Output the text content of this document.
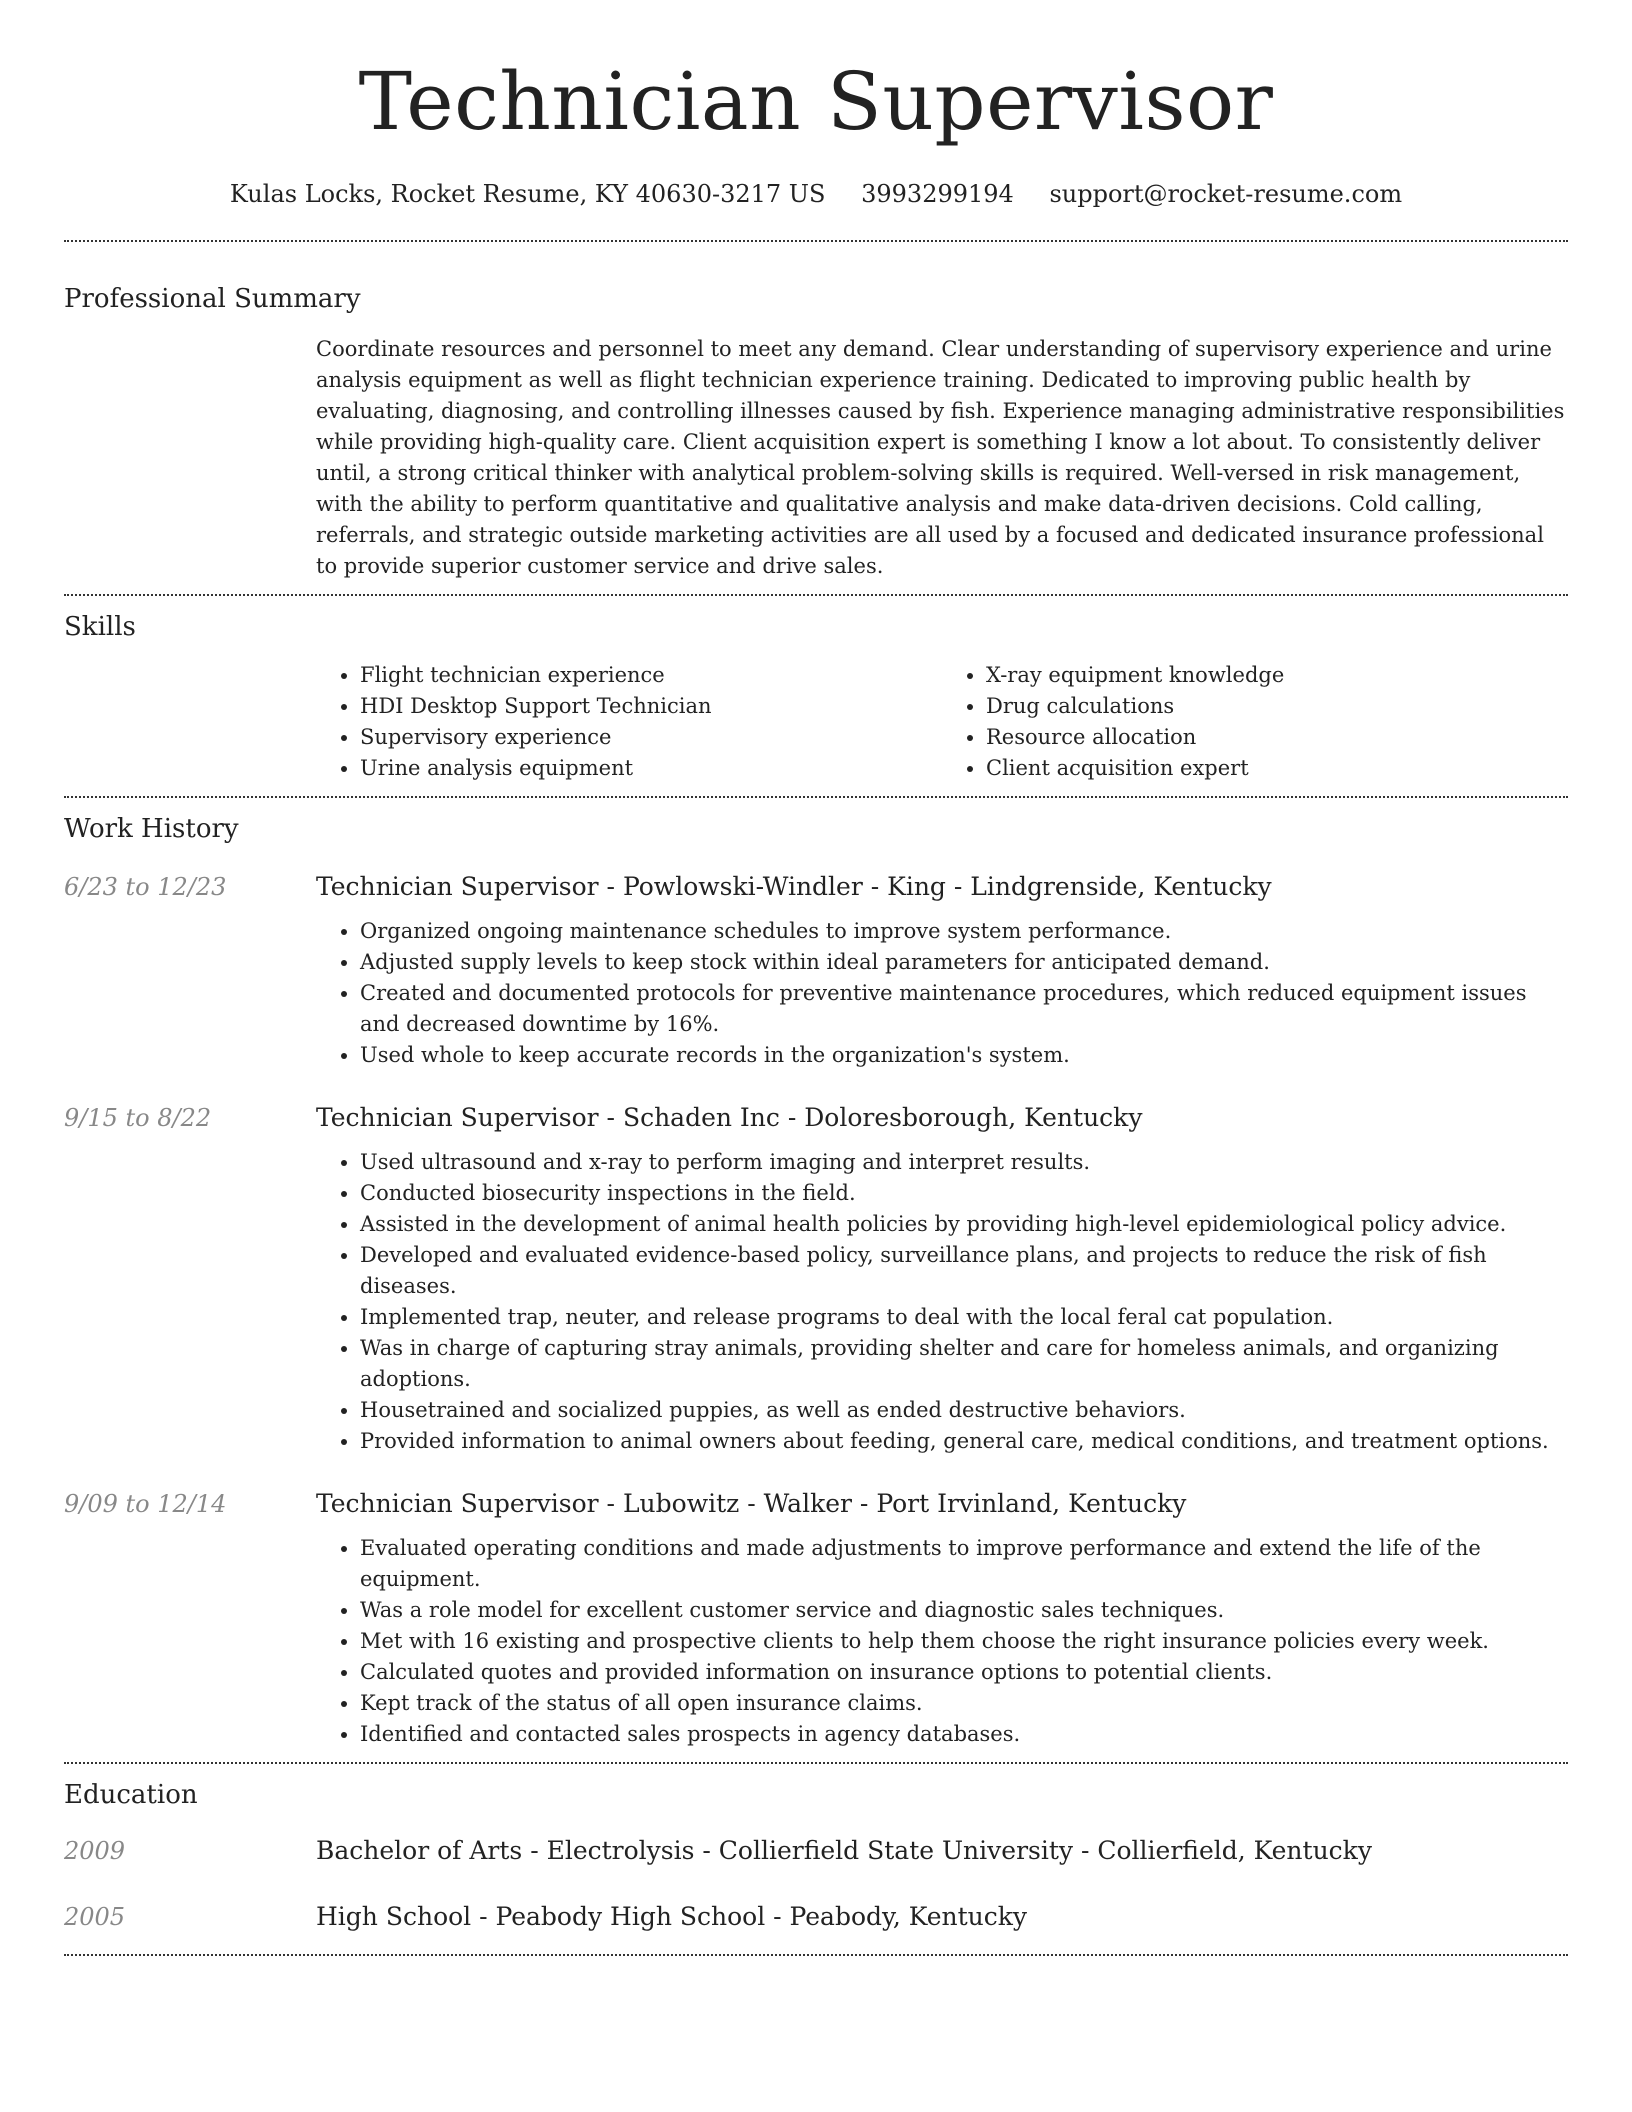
Technician Supervisor
Kulas Locks, Rocket Resume, KY 40630-3217 US 3993299194 support@rocket-resume.com
Professional Summary

Coordinate resources and personnel to meet any demand. Clear understanding of supervisory experience and urine analysis equipment as well as flight technician experience training. Dedicated to improving public health by evaluating, diagnosing, and controlling illnesses caused by fish. Experience managing administrative responsibilities while providing high-quality care. Client acquisition expert is something I know a lot about. To consistently deliver until, a strong critical thinker with analytical problem-solving skills is required. Well-versed in risk management, with the ability to perform quantitative and qualitative analysis and make data-driven decisions. Cold calling, referrals, and strategic outside marketing activities are all used by a focused and dedicated insurance professional to provide superior customer service and drive sales.

Skills
• Flight technician experience
• HDI Desktop Support Technician
• Supervisory experience
• Urine analysis equipment
• X-ray equipment knowledge
• Drug calculations
• Resource allocation
• Client acquisition expert
Work History
6/23 to 12/23	Technician Supervisor - Powlowski-Windler - King - Lindgrenside, Kentucky
• Organized ongoing maintenance schedules to improve system performance.
• Adjusted supply levels to keep stock within ideal parameters for anticipated demand.
• Created and documented protocols for preventive maintenance procedures, which reduced equipment issues and decreased downtime by 16%.
• Used whole to keep accurate records in the organization's system.
9/15 to 8/22	Technician Supervisor - Schaden Inc - Doloresborough, Kentucky
• Used ultrasound and x-ray to perform imaging and interpret results.
• Conducted biosecurity inspections in the field.
• Assisted in the development of animal health policies by providing high-level epidemiological policy advice.
• Developed and evaluated evidence-based policy, surveillance plans, and projects to reduce the risk of fish diseases.
• Implemented trap, neuter, and release programs to deal with the local feral cat population.
• Was in charge of capturing stray animals, providing shelter and care for homeless animals, and organizing adoptions.
• Housetrained and socialized puppies, as well as ended destructive behaviors.
• Provided information to animal owners about feeding, general care, medical conditions, and treatment options.
9/09 to 12/14	Technician Supervisor - Lubowitz - Walker - Port Irvinland, Kentucky
• Evaluated operating conditions and made adjustments to improve performance and extend the life of the equipment.
• Was a role model for excellent customer service and diagnostic sales techniques.
• Met with 16 existing and prospective clients to help them choose the right insurance policies every week.
• Calculated quotes and provided information on insurance options to potential clients.
• Kept track of the status of all open insurance claims.
• Identified and contacted sales prospects in agency databases.
Education
2009	Bachelor of Arts - Electrolysis - Collierfield State University - Collierfield, Kentucky
2005	High School - Peabody High School - Peabody, Kentucky
